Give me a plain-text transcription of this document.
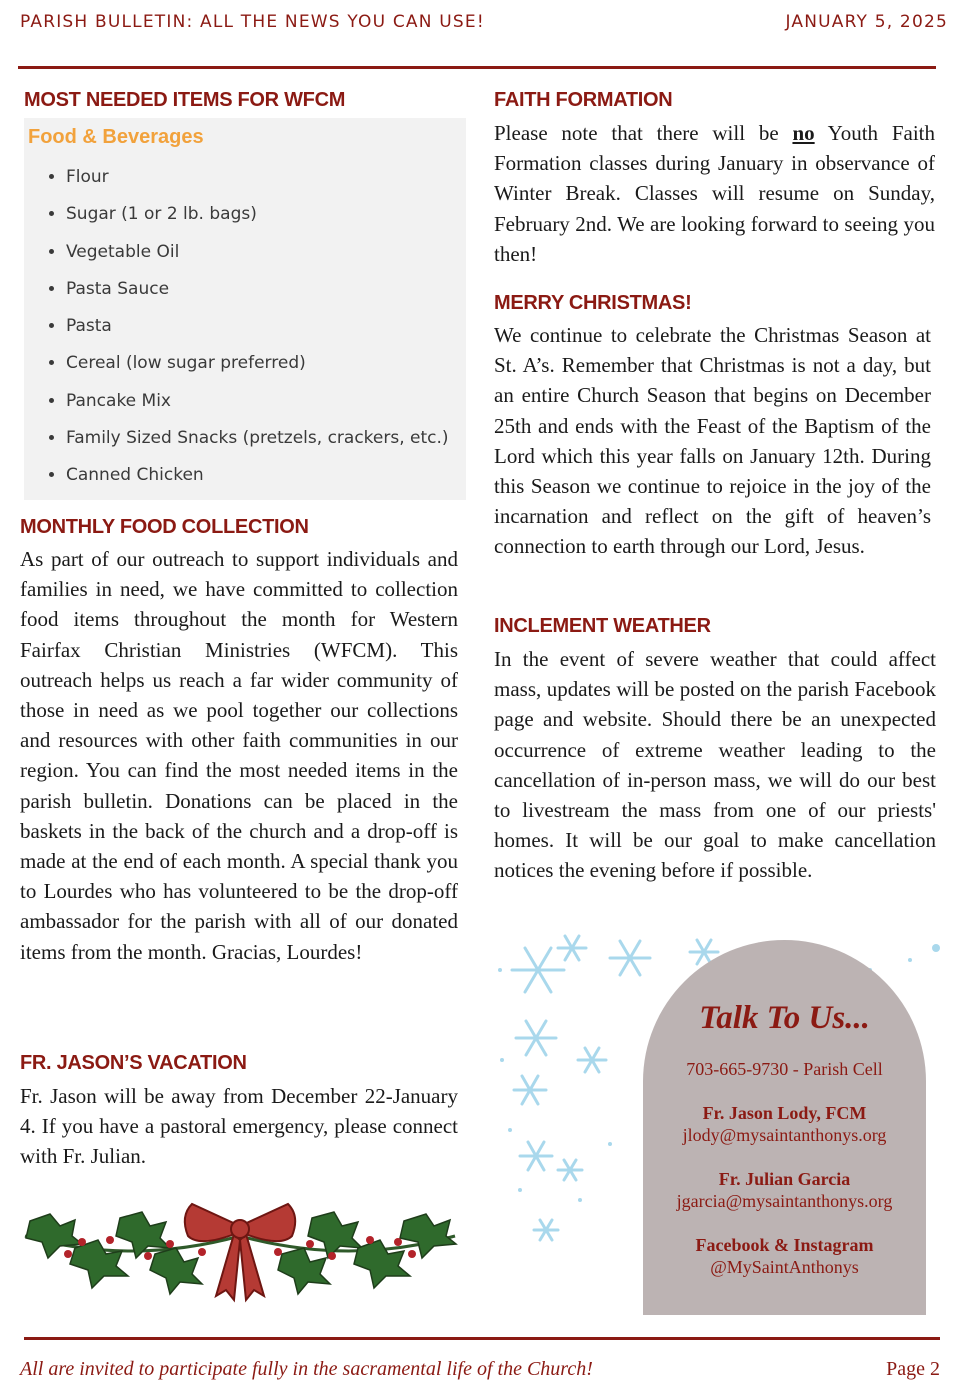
PARISH BULLETIN: ALL THE NEWS YOU CAN USE!	JANUARY 5, 2025
MOST NEEDED ITEMS FOR WFCM
Food & Beverages
• Flour
• Sugar (1 or 2 lb. bags)
• Vegetable Oil
• Pasta Sauce
• Pasta
• Cereal (low sugar preferred)
• Pancake Mix
• Family Sized Snacks (pretzels, crackers, etc.)
• Canned Chicken
MONTHLY FOOD COLLECTION
As part of our outreach to support individuals and families in need, we have committed to collection food items throughout the month for Western Fairfax Christian Ministries (WFCM). This outreach helps us reach a far wider community of those in need as we pool together our collections and resources with other faith communities in our region. You can find the most needed items in the parish bulletin. Donations can be placed in the baskets in the back of the church and a drop-off is made at the end of each month. A special thank you to Lourdes who has volunteered to be the drop-off ambassador for the parish with all of our donated items from the month. Gracias, Lourdes!
FR. JASON’S VACATION
Fr. Jason will be away from December 22-January 4. If you have a pastoral emergency, please connect with Fr. Julian.
FAITH FORMATION
Please note that there will be no Youth Faith Formation classes during January in observance of Winter Break. Classes will resume on Sunday, February 2nd. We are looking forward to seeing you then!
MERRY CHRISTMAS!
We continue to celebrate the Christmas Season at St. A’s. Remember that Christmas is not a day, but an entire Church Season that begins on December 25th and ends with the Feast of the Baptism of the Lord which this year falls on January 12th. During this Season we continue to rejoice in the joy of the incarnation and reflect on the gift of heaven’s connection to earth through our Lord, Jesus.
INCLEMENT WEATHER
In the event of severe weather that could affect mass, updates will be posted on the parish Facebook page and website. Should there be an unexpected occurrence of extreme weather leading to the cancellation of in-person mass, we will do our best to livestream the mass from one of our priests' homes. It will be our goal to make cancellation notices the evening before if possible.
Talk To Us...
703-665-9730 - Parish Cell
Fr. Jason Lody, FCM
jlody@mysaintanthonys.org
Fr. Julian Garcia
jgarcia@mysaintanthonys.org
Facebook & Instagram
@MySaintAnthonys
All are invited to participate fully in the sacramental life of the Church!	Page 2
